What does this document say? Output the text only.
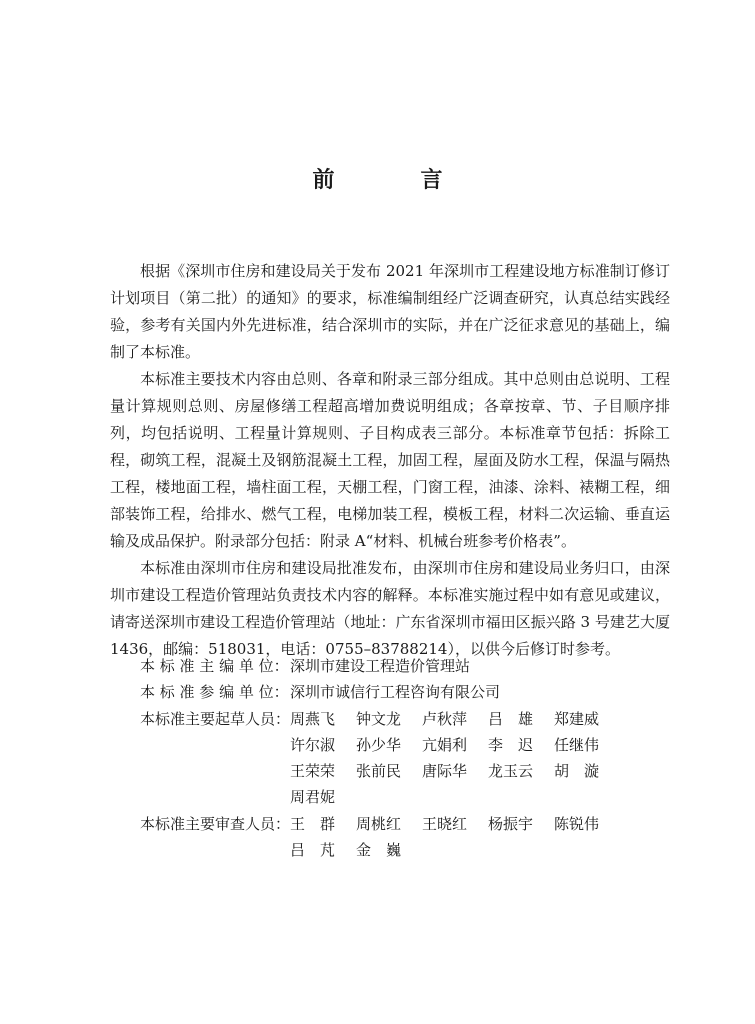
前　言

根据《深圳市住房和建设局关于发布 2021 年深圳市工程建设地方标准制订修订计划项目（第二批）的通知》的要求，标准编制组经广泛调查研究，认真总结实践经验，参考有关国内外先进标准，结合深圳市的实际，并在广泛征求意见的基础上，编制了本标准。

本标准主要技术内容由总则、各章和附录三部分组成。其中总则由总说明、工程量计算规则总则、房屋修缮工程超高增加费说明组成；各章按章、节、子目顺序排列，均包括说明、工程量计算规则、子目构成表三部分。本标准章节包括：拆除工程，砌筑工程，混凝土及钢筋混凝土工程，加固工程，屋面及防水工程，保温与隔热工程，楼地面工程，墙柱面工程，天棚工程，门窗工程，油漆、涂料、裱糊工程，细部装饰工程，给排水、燃气工程，电梯加装工程，模板工程，材料二次运输、垂直运输及成品保护。附录部分包括：附录 A“材料、机械台班参考价格表”。

本标准由深圳市住房和建设局批准发布，由深圳市住房和建设局业务归口，由深圳市建设工程造价管理站负责技术内容的解释。本标准实施过程中如有意见或建议，请寄送深圳市建设工程造价管理站（地址：广东省深圳市福田区振兴路 3 号建艺大厦 1436，邮编：518031，电话：0755–83788214），以供今后修订时参考。

本 标 准 主 编 单 位： 深圳市建设工程造价管理站
本 标 准 参 编 单 位： 深圳市诚信行工程咨询有限公司
本标准主要起草人员： 周燕飞	钟文龙	卢秋萍	吕　雄	郑建威
许尔淑	孙少华	亢娟利	李　迟	任继伟
王荣荣	张前民	唐际华	龙玉云	胡　漩
周君妮
本标准主要审查人员： 王　群	周桃红	王晓红	杨振宇	陈锐伟
吕　芃	金　巍
